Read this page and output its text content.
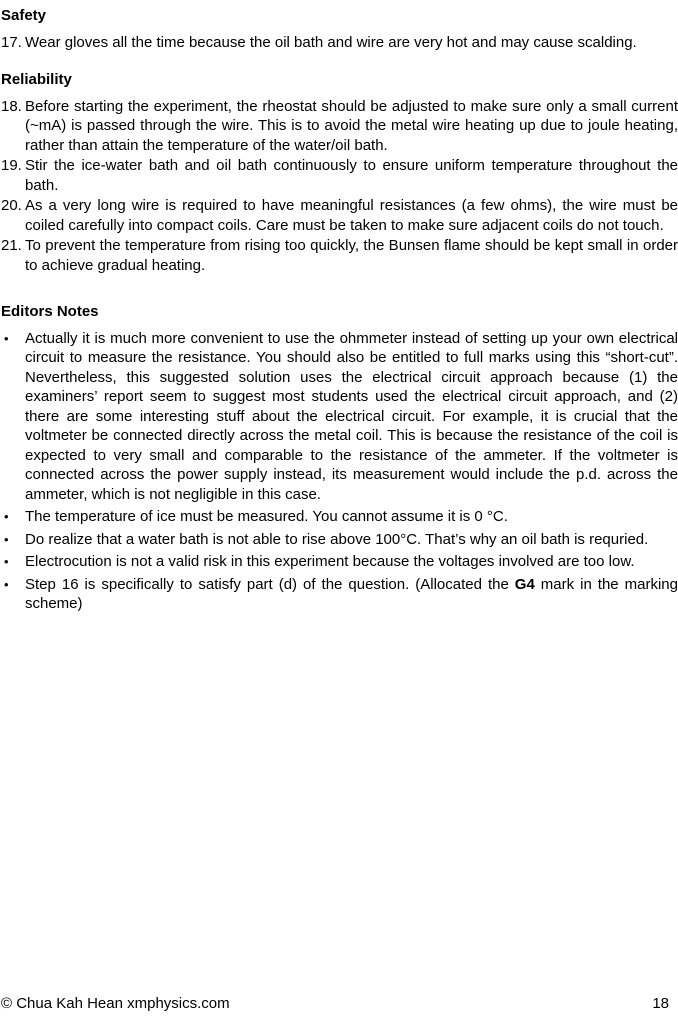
Safety
17. Wear gloves all the time because the oil bath and wire are very hot and may cause scalding.
Reliability
18. Before starting the experiment, the rheostat should be adjusted to make sure only a small current (~mA) is passed through the wire. This is to avoid the metal wire heating up due to joule heating, rather than attain the temperature of the water/oil bath.
19. Stir the ice-water bath and oil bath continuously to ensure uniform temperature throughout the bath.
20. As a very long wire is required to have meaningful resistances (a few ohms), the wire must be coiled carefully into compact coils. Care must be taken to make sure adjacent coils do not touch.
21. To prevent the temperature from rising too quickly, the Bunsen flame should be kept small in order to achieve gradual heating.
Editors Notes
• Actually it is much more convenient to use the ohmmeter instead of setting up your own electrical circuit to measure the resistance. You should also be entitled to full marks using this “short-cut”. Nevertheless, this suggested solution uses the electrical circuit approach because (1) the examiners’ report seem to suggest most students used the electrical circuit approach, and (2) there are some interesting stuff about the electrical circuit. For example, it is crucial that the voltmeter be connected directly across the metal coil. This is because the resistance of the coil is expected to very small and comparable to the resistance of the ammeter. If the voltmeter is connected across the power supply instead, its measurement would include the p.d. across the ammeter, which is not negligible in this case.
• The temperature of ice must be measured. You cannot assume it is 0 °C.
• Do realize that a water bath is not able to rise above 100°C. That’s why an oil bath is requried.
• Electrocution is not a valid risk in this experiment because the voltages involved are too low.
• Step 16 is specifically to satisfy part (d) of the question. (Allocated the G4 mark in the marking scheme)
© Chua Kah Hean xmphysics.com	18
